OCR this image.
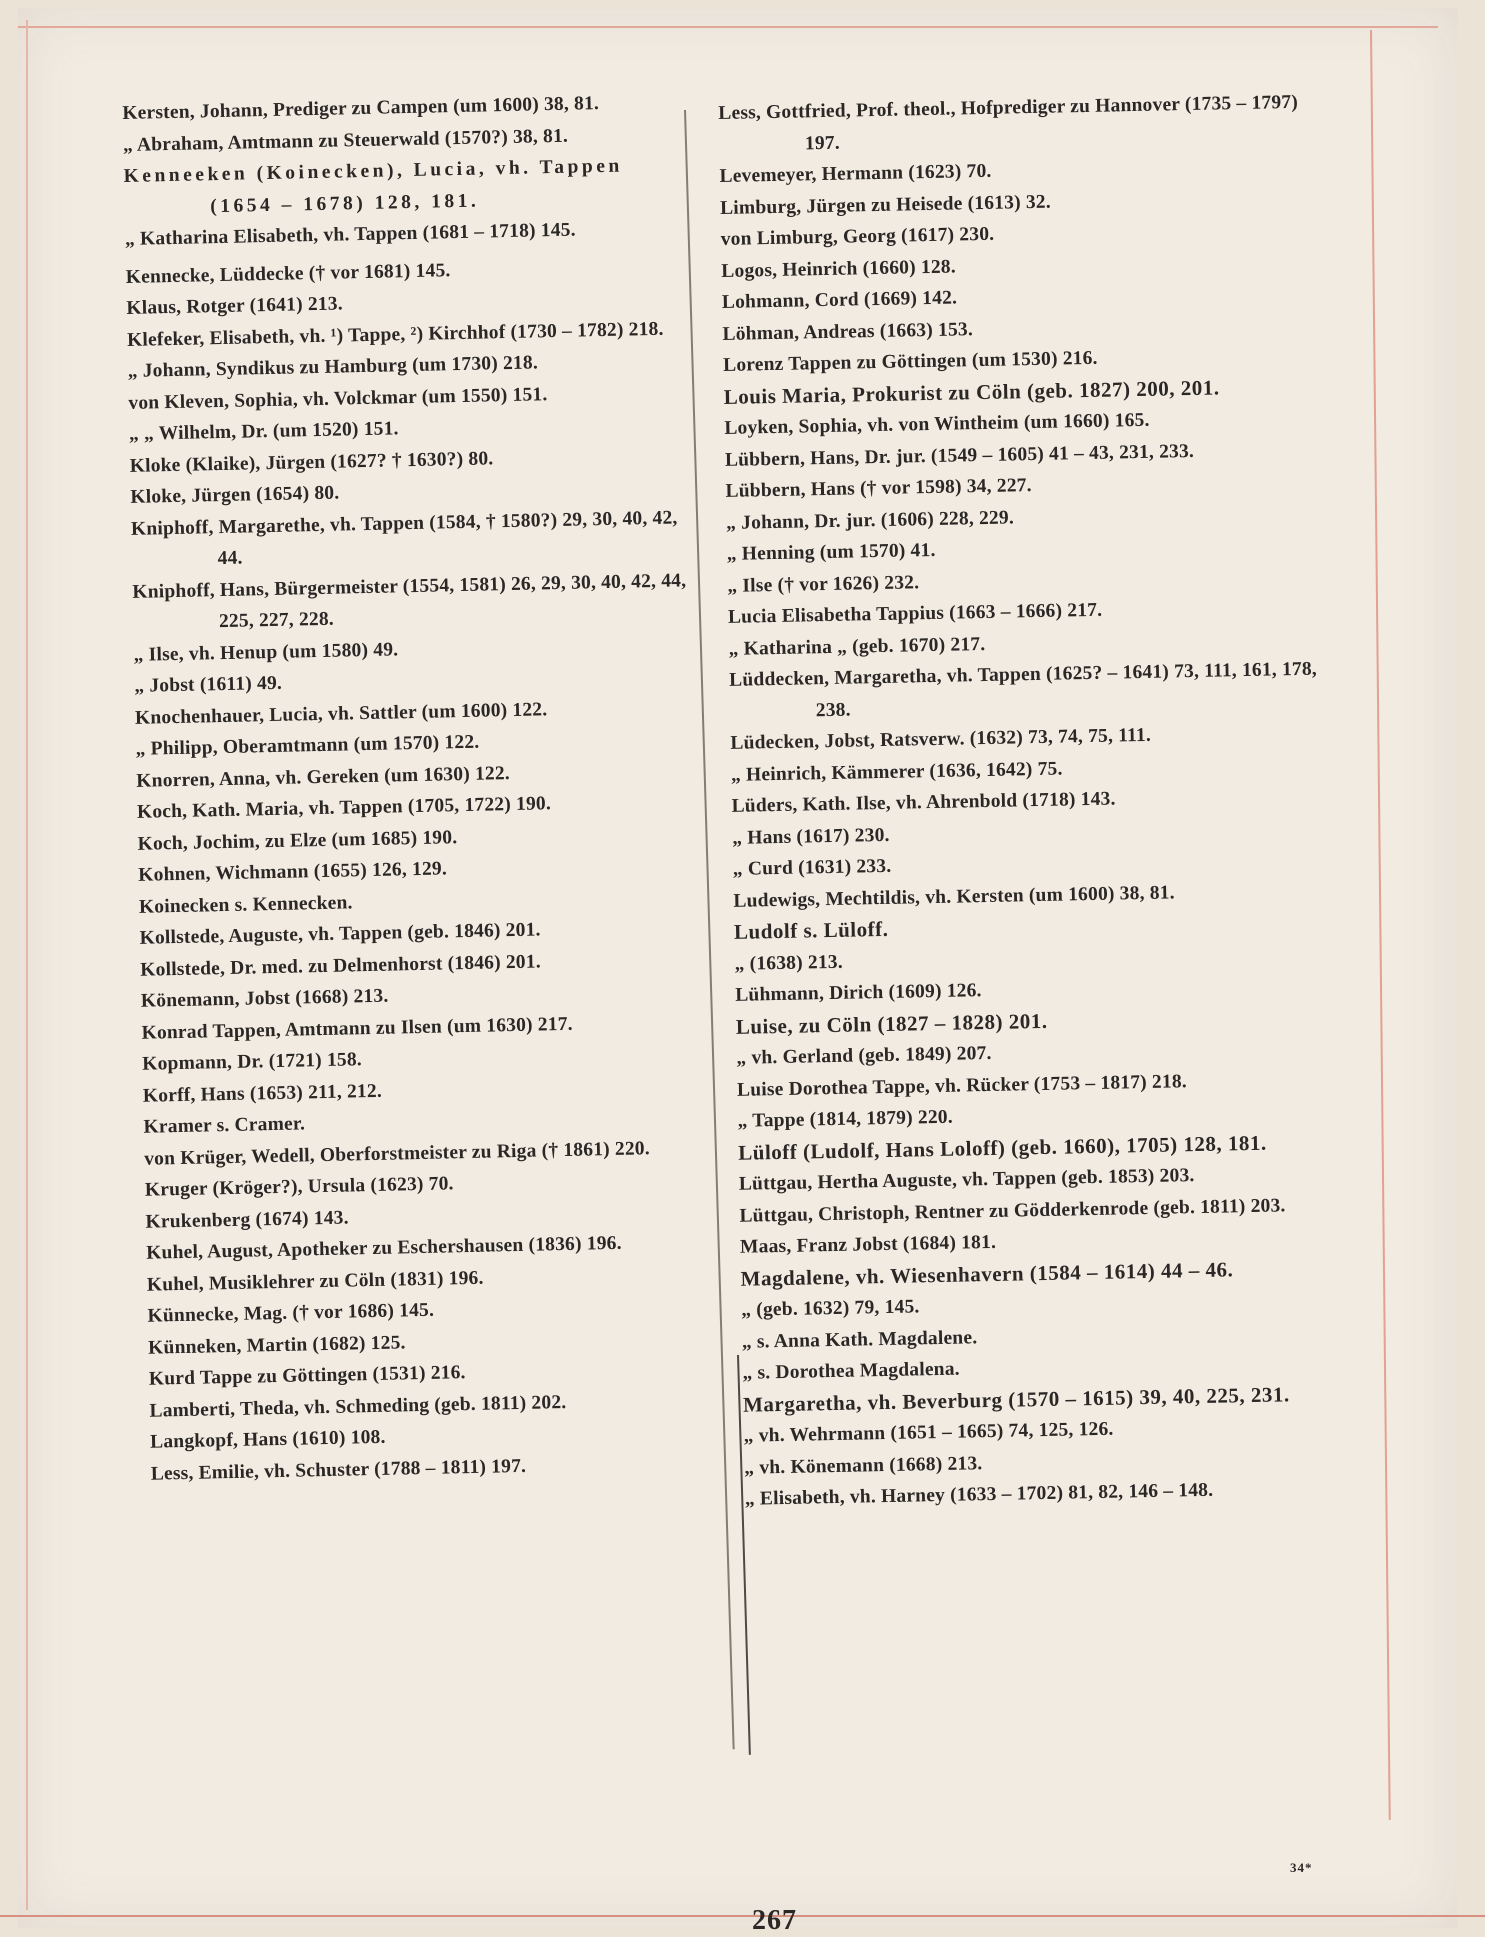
Kersten, Johann, Prediger zu Campen (um 1600) 38, 81.

„ Abraham, Amtmann zu Steuerwald (1570?) 38, 81.

Kenneeken (Koinecken), Lucia, vh. Tappen (1654 – 1678) 128, 181.

„ Katharina Elisabeth, vh. Tappen (1681 – 1718) 145.

Kennecke, Lüddecke († vor 1681) 145.

Klaus, Rotger (1641) 213.

Klefeker, Elisabeth, vh. ¹) Tappe, ²) Kirchhof (1730 – 1782) 218.

„ Johann, Syndikus zu Hamburg (um 1730) 218.

von Kleven, Sophia, vh. Volckmar (um 1550) 151.

„ „ Wilhelm, Dr. (um 1520) 151.

Kloke (Klaike), Jürgen (1627? † 1630?) 80.

Kloke, Jürgen (1654) 80.

Kniphoff, Margarethe, vh. Tappen (1584, † 1580?) 29, 30, 40, 42, 44.

Kniphoff, Hans, Bürgermeister (1554, 1581) 26, 29, 30, 40, 42, 44, 225, 227, 228.

„ Ilse, vh. Henup (um 1580) 49.

„ Jobst (1611) 49.

Knochenhauer, Lucia, vh. Sattler (um 1600) 122.

„ Philipp, Oberamtmann (um 1570) 122.

Knorren, Anna, vh. Gereken (um 1630) 122.

Koch, Kath. Maria, vh. Tappen (1705, 1722) 190.

Koch, Jochim, zu Elze (um 1685) 190.

Kohnen, Wichmann (1655) 126, 129.

Koinecken s. Kennecken.

Kollstede, Auguste, vh. Tappen (geb. 1846) 201.

Kollstede, Dr. med. zu Delmenhorst (1846) 201.

Könemann, Jobst (1668) 213.

Konrad Tappen, Amtmann zu Ilsen (um 1630) 217.

Kopmann, Dr. (1721) 158.

Korff, Hans (1653) 211, 212.

Kramer s. Cramer.

von Krüger, Wedell, Oberforstmeister zu Riga († 1861) 220.

Kruger (Kröger?), Ursula (1623) 70.

Krukenberg (1674) 143.

Kuhel, August, Apotheker zu Eschershausen (1836) 196.

Kuhel, Musiklehrer zu Cöln (1831) 196.

Künnecke, Mag. († vor 1686) 145.

Künneken, Martin (1682) 125.

Kurd Tappe zu Göttingen (1531) 216.

Lamberti, Theda, vh. Schmeding (geb. 1811) 202.

Langkopf, Hans (1610) 108.

Less, Emilie, vh. Schuster (1788 – 1811) 197.

Less, Gottfried, Prof. theol., Hofprediger zu Hannover (1735 – 1797) 197.

Levemeyer, Hermann (1623) 70.

Limburg, Jürgen zu Heisede (1613) 32.

von Limburg, Georg (1617) 230.

Logos, Heinrich (1660) 128.

Lohmann, Cord (1669) 142.

Löhman, Andreas (1663) 153.

Lorenz Tappen zu Göttingen (um 1530) 216.

Louis Maria, Prokurist zu Cöln (geb. 1827) 200, 201.

Loyken, Sophia, vh. von Wintheim (um 1660) 165.

Lübbern, Hans, Dr. jur. (1549 – 1605) 41 – 43, 231, 233.

Lübbern, Hans († vor 1598) 34, 227.

„ Johann, Dr. jur. (1606) 228, 229.

„ Henning (um 1570) 41.

„ Ilse († vor 1626) 232.

Lucia Elisabetha Tappius (1663 – 1666) 217.

„ Katharina „ (geb. 1670) 217.

Lüddecken, Margaretha, vh. Tappen (1625? – 1641) 73, 111, 161, 178, 238.

Lüdecken, Jobst, Ratsverw. (1632) 73, 74, 75, 111.

„ Heinrich, Kämmerer (1636, 1642) 75.

Lüders, Kath. Ilse, vh. Ahrenbold (1718) 143.

„ Hans (1617) 230.

„ Curd (1631) 233.

Ludewigs, Mechtildis, vh. Kersten (um 1600) 38, 81.

Ludolf s. Lüloff.

„ (1638) 213.

Lühmann, Dirich (1609) 126.

Luise, zu Cöln (1827 – 1828) 201.

„ vh. Gerland (geb. 1849) 207.

Luise Dorothea Tappe, vh. Rücker (1753 – 1817) 218.

„ Tappe (1814, 1879) 220.

Lüloff (Ludolf, Hans Loloff) (geb. 1660), 1705) 128, 181.

Lüttgau, Hertha Auguste, vh. Tappen (geb. 1853) 203.

Lüttgau, Christoph, Rentner zu Gödderkenrode (geb. 1811) 203.

Maas, Franz Jobst (1684) 181.

Magdalene, vh. Wiesenhavern (1584 – 1614) 44 – 46.

„ (geb. 1632) 79, 145.

„ s. Anna Kath. Magdalene.

„ s. Dorothea Magdalena.

Margaretha, vh. Beverburg (1570 – 1615) 39, 40, 225, 231.

„ vh. Wehrmann (1651 – 1665) 74, 125, 126.

„ vh. Könemann (1668) 213.

„ Elisabeth, vh. Harney (1633 – 1702) 81, 82, 146 – 148.

34*
267
